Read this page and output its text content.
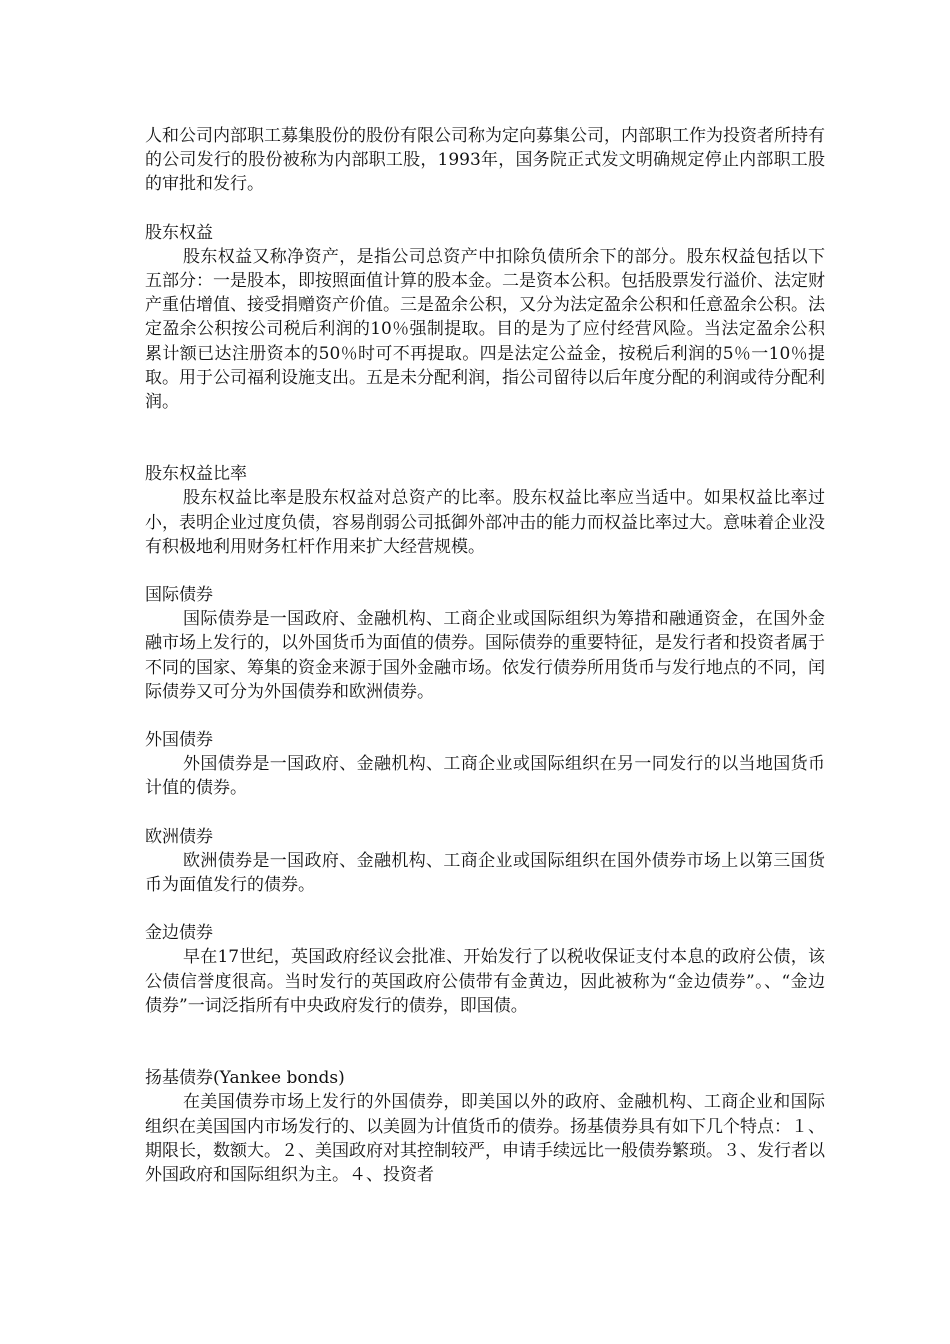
人和公司内部职工募集股份的股份有限公司称为定向募集公司，内部职工作为投资者所持有的公司发行的股份被称为内部职工股，1993年，国务院正式发文明确规定停止内部职工股的审批和发行。

股东权益

股东权益又称净资产，是指公司总资产中扣除负债所余下的部分。股东权益包括以下五部分：一是股本，即按照面值计算的股本金。二是资本公积。包括股票发行溢价、法定财产重估增值、接受捐赠资产价值。三是盈余公积，又分为法定盈余公积和任意盈余公积。法定盈余公积按公司税后利润的10％强制提取。目的是为了应付经营风险。当法定盈余公积累计额已达注册资本的50％时可不再提取。四是法定公益金，按税后利润的5％一10％提取。用于公司福利设施支出。五是未分配利润，指公司留待以后年度分配的利润或待分配利润。

股东权益比率

股东权益比率是股东权益对总资产的比率。股东权益比率应当适中。如果权益比率过小，表明企业过度负债，容易削弱公司抵御外部冲击的能力而权益比率过大。意味着企业没有积极地利用财务杠杆作用来扩大经营规模。

国际债券

国际债券是一国政府、金融机构、工商企业或国际组织为筹措和融通资金，在国外金融市场上发行的，以外国货币为面值的债券。国际债券的重要特征，是发行者和投资者属于不同的国家、筹集的资金来源于国外金融市场。依发行债券所用货币与发行地点的不同，闰际债券又可分为外国债券和欧洲债券。

外国债券

外国债券是一国政府、金融机构、工商企业或国际组织在另一同发行的以当地国货币计值的债券。

欧洲债券

欧洲债券是一国政府、金融机构、工商企业或国际组织在国外债券市场上以第三国货币为面值发行的债券。

金边债券

早在17世纪，英国政府经议会批准、开始发行了以税收保证支付本息的政府公债，该公债信誉度很高。当时发行的英国政府公债带有金黄边，因此被称为“金边债券”。、“金边债券”一词泛指所有中央政府发行的债券，即国债。

扬基债券(Yankee bonds)

在美国债券市场上发行的外国债券，即美国以外的政府、金融机构、工商企业和国际组织在美国国内市场发行的、以美圆为计值货币的债券。扬基债券具有如下几个特点：１、期限长，数额大。２、美国政府对其控制较严，申请手续远比一般债券繁琐。３、发行者以外国政府和国际组织为主。４、投资者
